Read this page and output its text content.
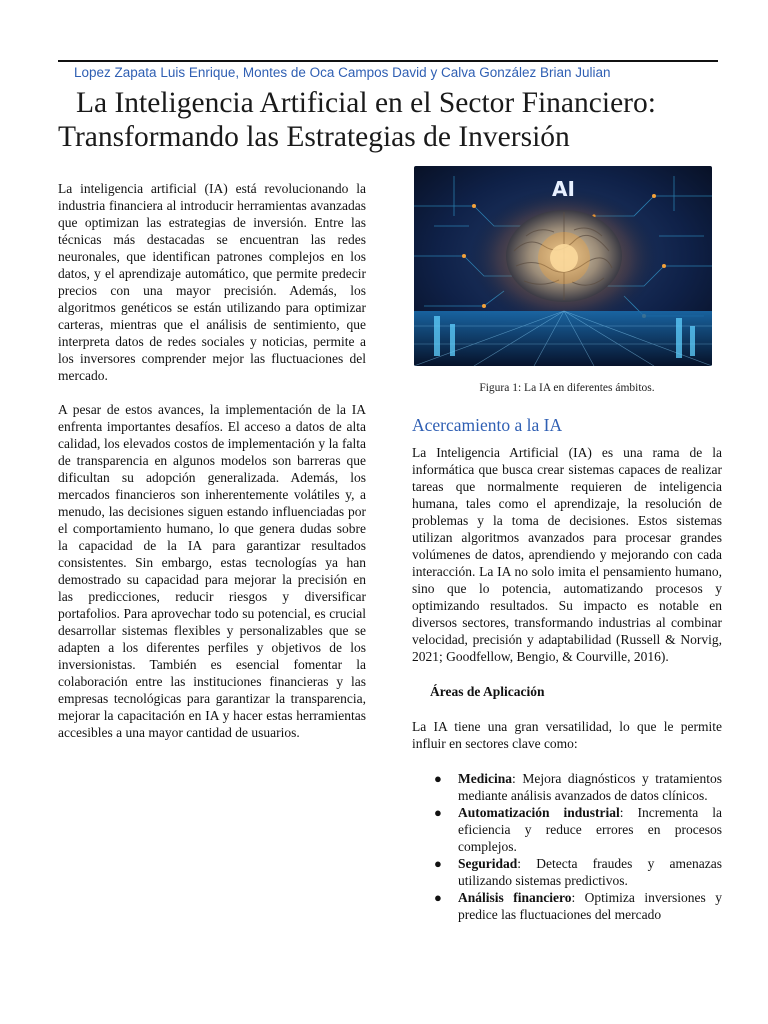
Lopez Zapata Luis Enrique, Montes de Oca Campos David y Calva González Brian Julian
La Inteligencia Artificial en el Sector Financiero:
Transformando las Estrategias de Inversión

La inteligencia artificial (IA) está revolucionando la industria financiera al introducir herramientas avanzadas que optimizan las estrategias de inversión. Entre las técnicas más destacadas se encuentran las redes neuronales, que identifican patrones complejos en los datos, y el aprendizaje automático, que permite predecir precios con una mayor precisión. Además, los algoritmos genéticos se están utilizando para optimizar carteras, mientras que el análisis de sentimiento, que interpreta datos de redes sociales y noticias, permite a los inversores comprender mejor las fluctuaciones del mercado.

A pesar de estos avances, la implementación de la IA enfrenta importantes desafíos. El acceso a datos de alta calidad, los elevados costos de implementación y la falta de transparencia en algunos modelos son barreras que dificultan su adopción generalizada. Además, los mercados financieros son inherentemente volátiles y, a menudo, las decisiones siguen estando influenciadas por el comportamiento humano, lo que genera dudas sobre la capacidad de la IA para garantizar resultados consistentes. Sin embargo, estas tecnologías ya han demostrado su capacidad para mejorar la precisión en las predicciones, reducir riesgos y diversificar portafolios. Para aprovechar todo su potencial, es crucial desarrollar sistemas flexibles y personalizables que se adapten a los diferentes perfiles y objetivos de los inversionistas. También es esencial fomentar la colaboración entre las instituciones financieras y las empresas tecnológicas para garantizar la transparencia, mejorar la capacitación en IA y hacer estas herramientas accesibles a una mayor cantidad de usuarios.

AI
Figura 1: La IA en diferentes ámbitos.
Acercamiento a la IA

La Inteligencia Artificial (IA) es una rama de la informática que busca crear sistemas capaces de realizar tareas que normalmente requieren de inteligencia humana, tales como el aprendizaje, la resolución de problemas y la toma de decisiones. Estos sistemas utilizan algoritmos avanzados para procesar grandes volúmenes de datos, aprendiendo y mejorando con cada interacción. La IA no solo imita el pensamiento humano, sino que lo potencia, automatizando procesos y optimizando resultados. Su impacto es notable en diversos sectores, transformando industrias al combinar velocidad, precisión y adaptabilidad (Russell & Norvig, 2021; Goodfellow, Bengio, & Courville, 2016).

Áreas de Aplicación

La IA tiene una gran versatilidad, lo que le permite influir en sectores clave como:

● Medicina: Mejora diagnósticos y tratamientos mediante análisis avanzados de datos clínicos.
● Automatización industrial: Incrementa la eficiencia y reduce errores en procesos complejos.
● Seguridad: Detecta fraudes y amenazas utilizando sistemas predictivos.
● Análisis financiero: Optimiza inversiones y predice las fluctuaciones del mercado
